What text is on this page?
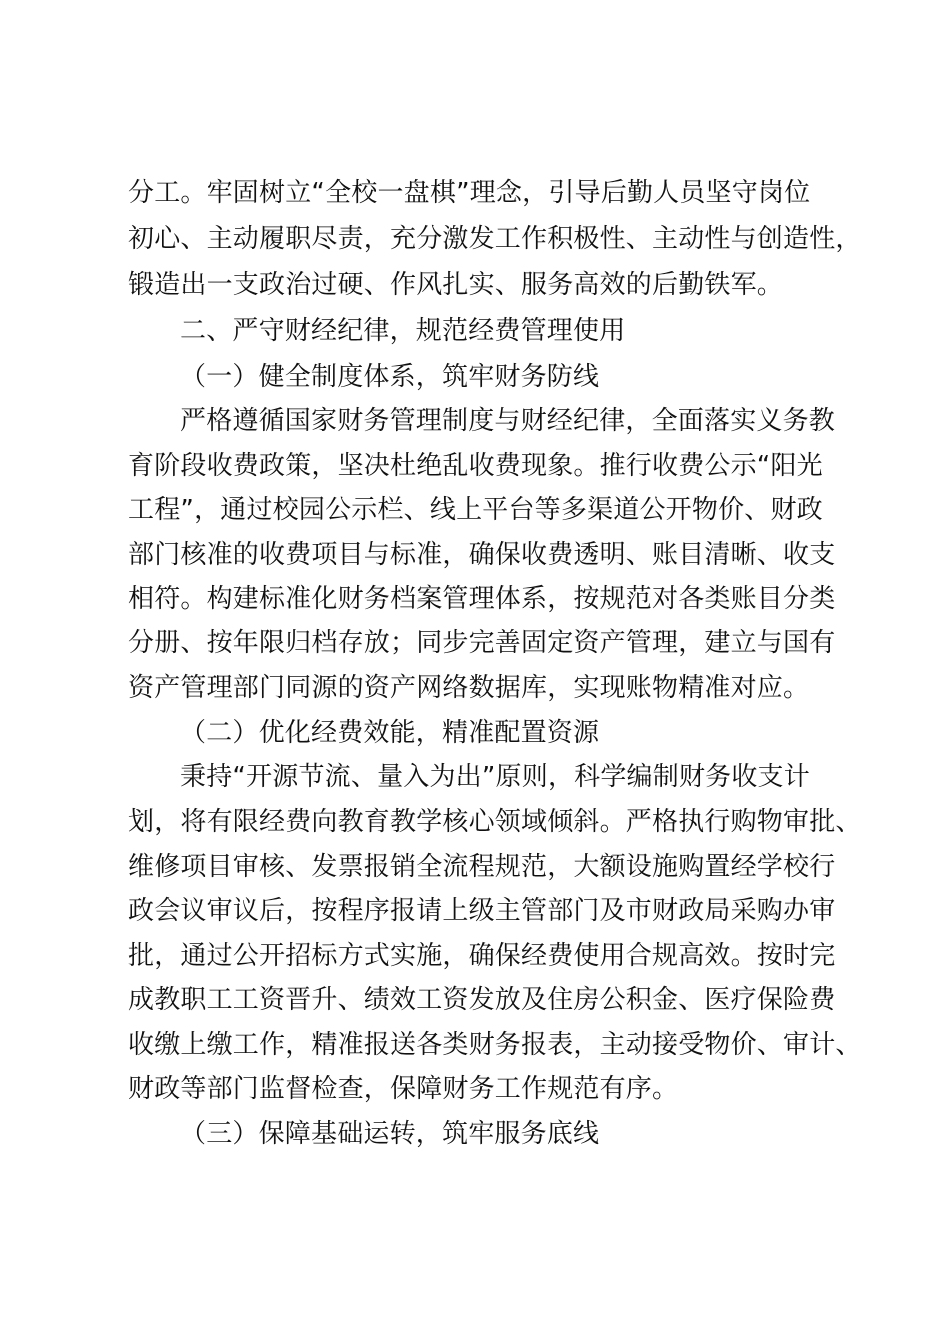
分工。牢固树立“全校一盘棋”理念，引导后勤人员坚守岗位
初心、主动履职尽责，充分激发工作积极性、主动性与创造性，
锻造出一支政治过硬、作风扎实、服务高效的后勤铁军。
二、严守财经纪律，规范经费管理使用
（一）健全制度体系，筑牢财务防线
严格遵循国家财务管理制度与财经纪律，全面落实义务教
育阶段收费政策，坚决杜绝乱收费现象。推行收费公示“阳光
工程”，通过校园公示栏、线上平台等多渠道公开物价、财政
部门核准的收费项目与标准，确保收费透明、账目清晰、收支
相符。构建标准化财务档案管理体系，按规范对各类账目分类
分册、按年限归档存放；同步完善固定资产管理，建立与国有
资产管理部门同源的资产网络数据库，实现账物精准对应。
（二）优化经费效能，精准配置资源
秉持“开源节流、量入为出”原则，科学编制财务收支计
划，将有限经费向教育教学核心领域倾斜。严格执行购物审批、
维修项目审核、发票报销全流程规范，大额设施购置经学校行
政会议审议后，按程序报请上级主管部门及市财政局采购办审
批，通过公开招标方式实施，确保经费使用合规高效。按时完
成教职工工资晋升、绩效工资发放及住房公积金、医疗保险费
收缴上缴工作，精准报送各类财务报表，主动接受物价、审计、
财政等部门监督检查，保障财务工作规范有序。
（三）保障基础运转，筑牢服务底线
